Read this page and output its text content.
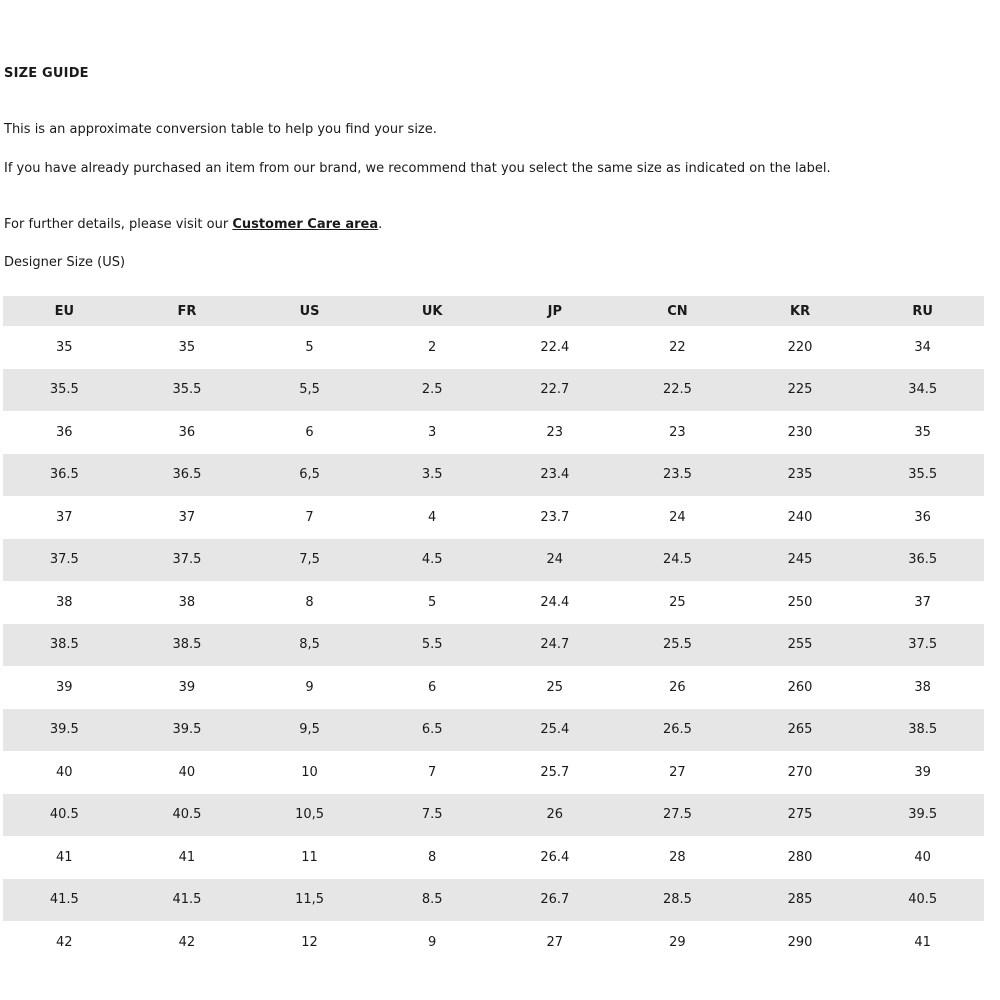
SIZE GUIDE
This is an approximate conversion table to help you find your size.
If you have already purchased an item from our brand, we recommend that you select the same size as indicated on the label.
For further details, please visit our Customer Care area.
Designer Size (US)
EU	FR	US	UK	JP	CN	KR	RU
35	35	5	2	22.4	22	220	34
35.5	35.5	5,5	2.5	22.7	22.5	225	34.5
36	36	6	3	23	23	230	35
36.5	36.5	6,5	3.5	23.4	23.5	235	35.5
37	37	7	4	23.7	24	240	36
37.5	37.5	7,5	4.5	24	24.5	245	36.5
38	38	8	5	24.4	25	250	37
38.5	38.5	8,5	5.5	24.7	25.5	255	37.5
39	39	9	6	25	26	260	38
39.5	39.5	9,5	6.5	25.4	26.5	265	38.5
40	40	10	7	25.7	27	270	39
40.5	40.5	10,5	7.5	26	27.5	275	39.5
41	41	11	8	26.4	28	280	40
41.5	41.5	11,5	8.5	26.7	28.5	285	40.5
42	42	12	9	27	29	290	41
